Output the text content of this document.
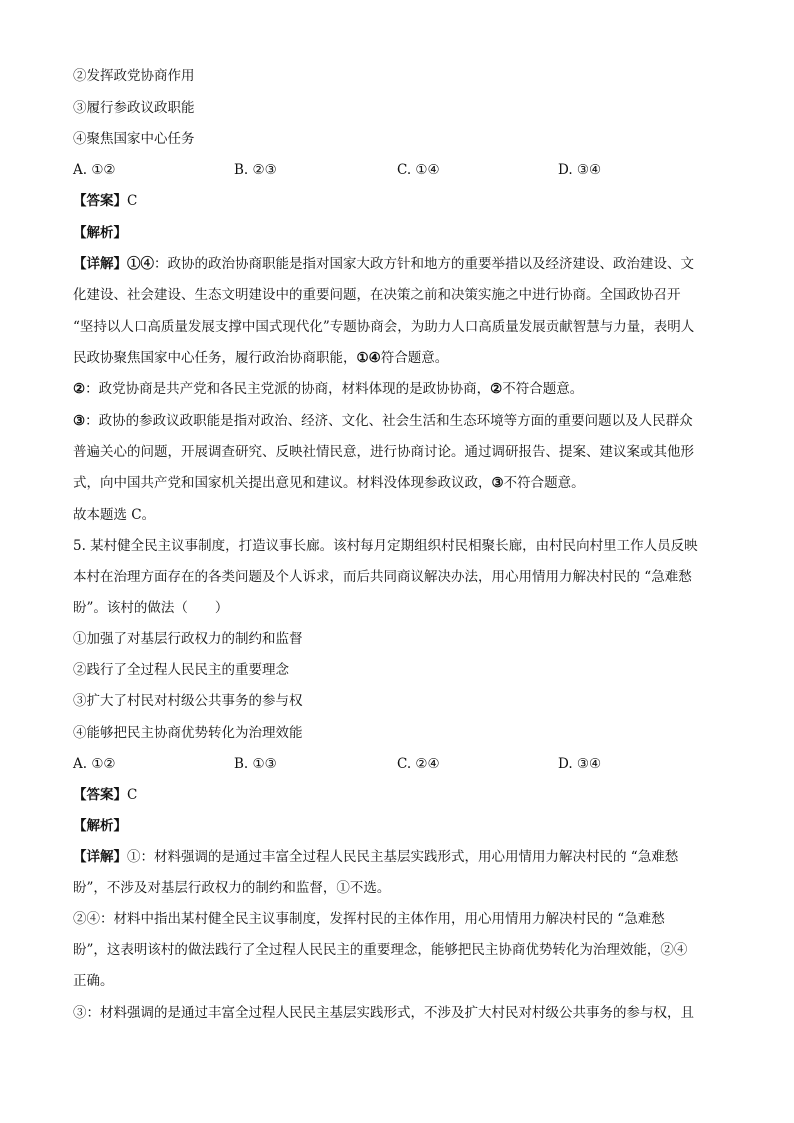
②发挥政党协商作用
③履行参政议政职能
④聚焦国家中心任务
A. ①②	B. ②③	C. ①④	D. ③④
【答案】C
【解析】
【详解】①④：政协的政治协商职能是指对国家大政方针和地方的重要举措以及经济建设、政治建设、文
化建设、社会建设、生态文明建设中的重要问题，在决策之前和决策实施之中进行协商。全国政协召开
“坚持以人口高质量发展支撑中国式现代化”专题协商会，为助力人口高质量发展贡献智慧与力量，表明人
民政协聚焦国家中心任务，履行政治协商职能，①④符合题意。
②：政党协商是共产党和各民主党派的协商，材料体现的是政协协商，②不符合题意。
③：政协的参政议政职能是指对政治、经济、文化、社会生活和生态环境等方面的重要问题以及人民群众
普遍关心的问题，开展调查研究、反映社情民意，进行协商讨论。通过调研报告、提案、建议案或其他形
式，向中国共产党和国家机关提出意见和建议。材料没体现参政议政，③不符合题意。
故本题选 C。
5. 某村健全民主议事制度，打造议事长廊。该村每月定期组织村民相聚长廊，由村民向村里工作人员反映
本村在治理方面存在的各类问题及个人诉求，而后共同商议解决办法，用心用情用力解决村民的 “急难愁
盼”。该村的做法（　　）
①加强了对基层行政权力的制约和监督
②践行了全过程人民民主的重要理念
③扩大了村民对村级公共事务的参与权
④能够把民主协商优势转化为治理效能
A. ①②	B. ①③	C. ②④	D. ③④
【答案】C
【解析】
【详解】①：材料强调的是通过丰富全过程人民民主基层实践形式，用心用情用力解决村民的 “急难愁
盼”，不涉及对基层行政权力的制约和监督，①不选。
②④：材料中指出某村健全民主议事制度，发挥村民的主体作用，用心用情用力解决村民的 “急难愁
盼”，这表明该村的做法践行了全过程人民民主的重要理念，能够把民主协商优势转化为治理效能，②④
正确。
③：材料强调的是通过丰富全过程人民民主基层实践形式，不涉及扩大村民对村级公共事务的参与权，且
